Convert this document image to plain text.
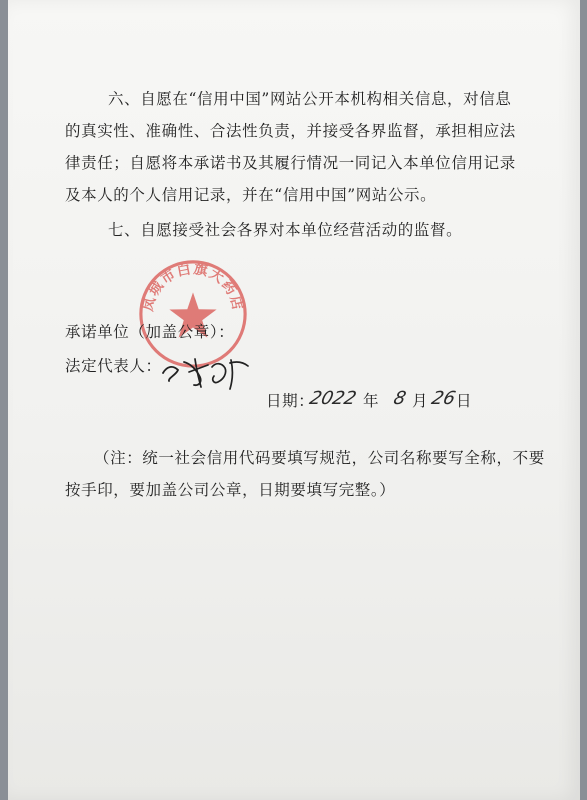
六、自愿在“信用中国”网站公开本机构相关信息，对信息
的真实性、准确性、合法性负责，并接受各界监督，承担相应法
律责任；自愿将本承诺书及其履行情况一同记入本单位信用记录
及本人的个人信用记录，并在“信用中国”网站公示。
七、自愿接受社会各界对本单位经营活动的监督。
凤城市白旗大药店
承诺单位（加盖公章）：
法定代表人：
日期：
2022 年 8 月 26
日
（注：统一社会信用代码要填写规范，公司名称要写全称，不要
按手印，要加盖公司公章，日期要填写完整。）
